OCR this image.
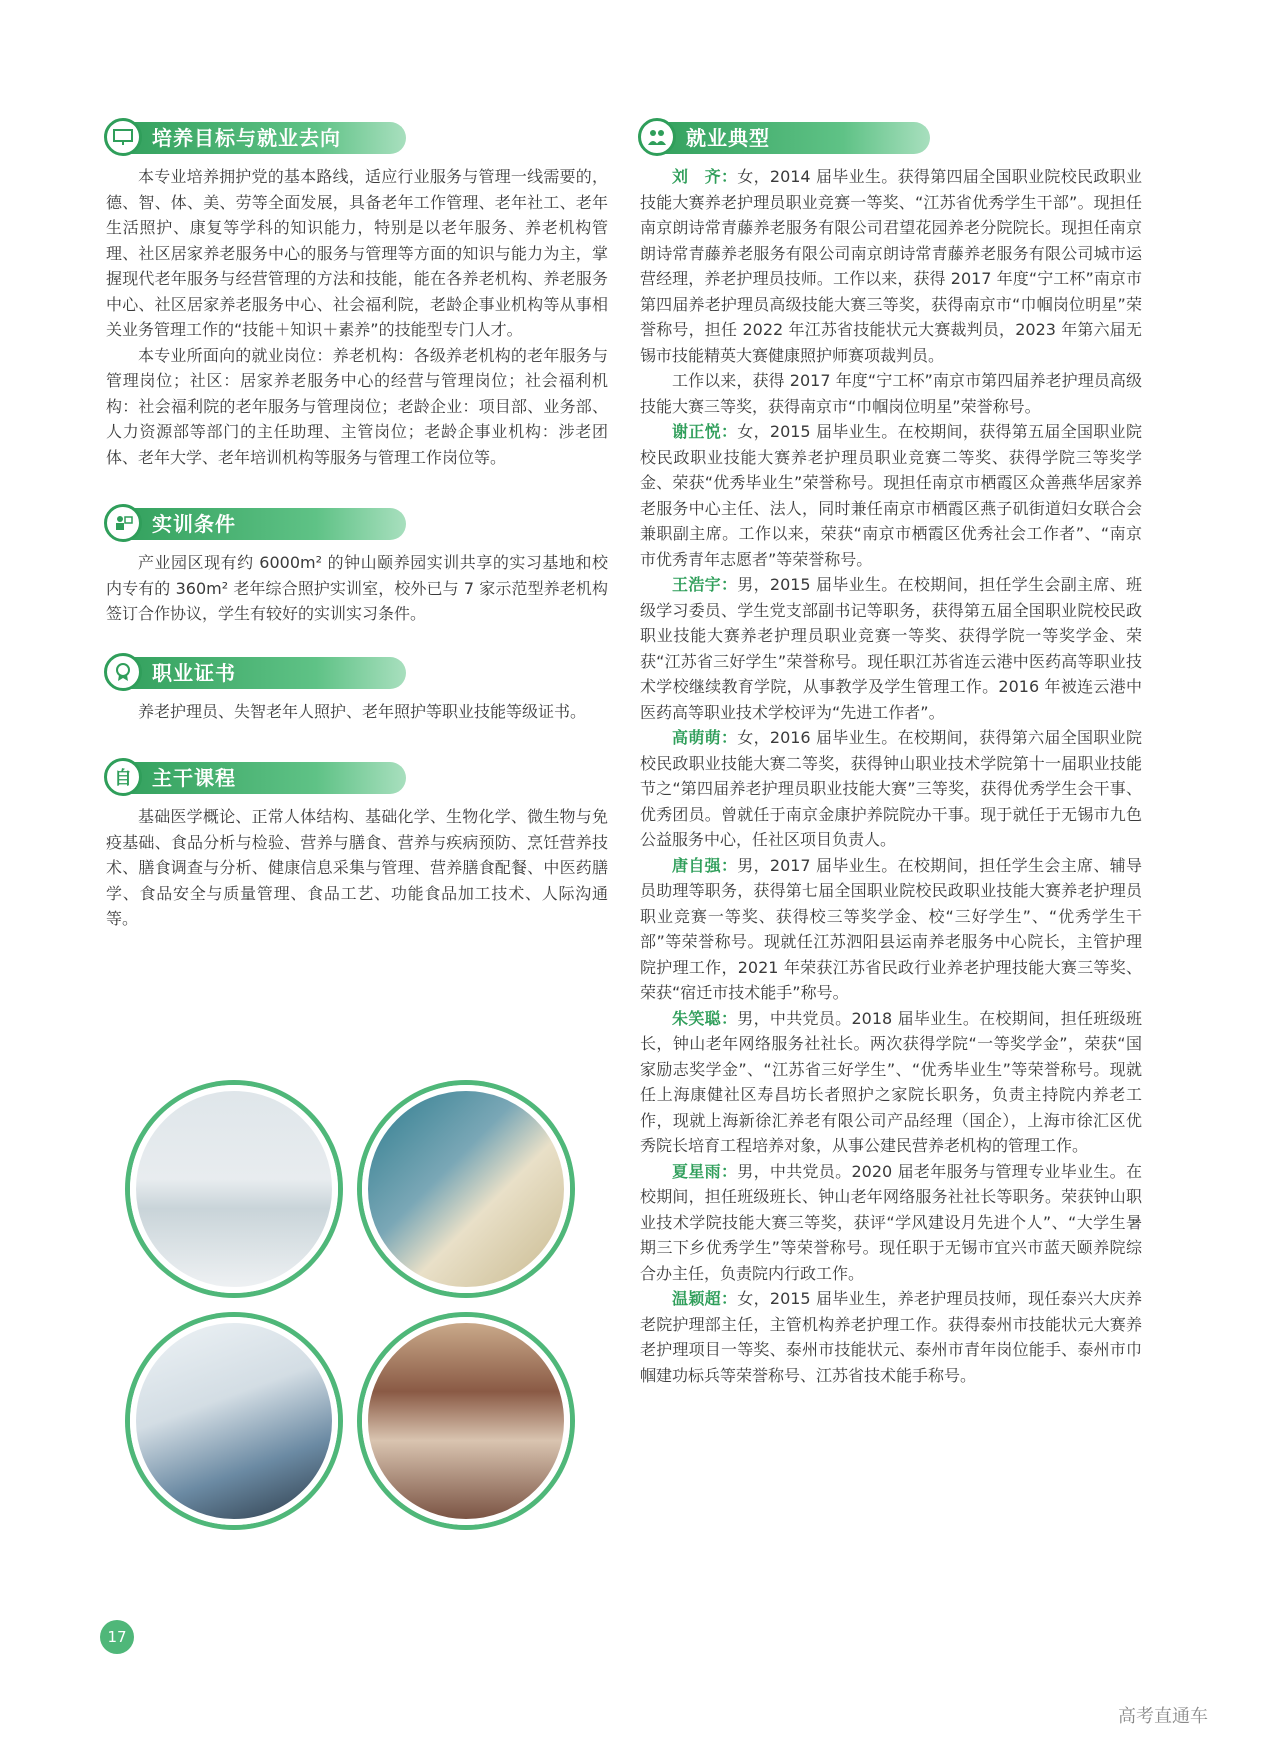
培养目标与就业去向

本专业培养拥护党的基本路线，适应行业服务与管理一线需要的，德、智、体、美、劳等全面发展，具备老年工作管理、老年社工、老年生活照护、康复等学科的知识能力，特别是以老年服务、养老机构管理、社区居家养老服务中心的服务与管理等方面的知识与能力为主，掌握现代老年服务与经营管理的方法和技能，能在各养老机构、养老服务中心、社区居家养老服务中心、社会福利院，老龄企事业机构等从事相关业务管理工作的“技能＋知识＋素养”的技能型专门人才。

本专业所面向的就业岗位：养老机构：各级养老机构的老年服务与管理岗位；社区：居家养老服务中心的经营与管理岗位；社会福利机构：社会福利院的老年服务与管理岗位；老龄企业：项目部、业务部、人力资源部等部门的主任助理、主管岗位；老龄企事业机构：涉老团体、老年大学、老年培训机构等服务与管理工作岗位等。

实训条件

产业园区现有约 6000m² 的钟山颐养园实训共享的实习基地和校内专有的 360m² 老年综合照护实训室，校外已与 7 家示范型养老机构签订合作协议，学生有较好的实训实习条件。

职业证书

养老护理员、失智老年人照护、老年照护等职业技能等级证书。

自	主干课程

基础医学概论、正常人体结构、基础化学、生物化学、微生物与免疫基础、食品分析与检验、营养与膳食、营养与疾病预防、烹饪营养技术、膳食调查与分析、健康信息采集与管理、营养膳食配餐、中医药膳学、食品安全与质量管理、食品工艺、功能食品加工技术、人际沟通等。

就业典型

刘　齐：女，2014 届毕业生。获得第四届全国职业院校民政职业技能大赛养老护理员职业竞赛一等奖、“江苏省优秀学生干部”。现担任南京朗诗常青藤养老服务有限公司君望花园养老分院院长。现担任南京朗诗常青藤养老服务有限公司南京朗诗常青藤养老服务有限公司城市运营经理，养老护理员技师。工作以来，获得 2017 年度“宁工杯”南京市第四届养老护理员高级技能大赛三等奖，获得南京市“巾帼岗位明星”荣誉称号，担任 2022 年江苏省技能状元大赛裁判员，2023 年第六届无锡市技能精英大赛健康照护师赛项裁判员。

工作以来，获得 2017 年度“宁工杯”南京市第四届养老护理员高级技能大赛三等奖，获得南京市“巾帼岗位明星”荣誉称号。

谢正悦：女，2015 届毕业生。在校期间，获得第五届全国职业院校民政职业技能大赛养老护理员职业竞赛二等奖、获得学院三等奖学金、荣获“优秀毕业生”荣誉称号。现担任南京市栖霞区众善燕华居家养老服务中心主任、法人，同时兼任南京市栖霞区燕子矶街道妇女联合会兼职副主席。工作以来，荣获“南京市栖霞区优秀社会工作者”、“南京市优秀青年志愿者”等荣誉称号。

王浩宇：男，2015 届毕业生。在校期间，担任学生会副主席、班级学习委员、学生党支部副书记等职务，获得第五届全国职业院校民政职业技能大赛养老护理员职业竞赛一等奖、获得学院一等奖学金、荣获“江苏省三好学生”荣誉称号。现任职江苏省连云港中医药高等职业技术学校继续教育学院，从事教学及学生管理工作。2016 年被连云港中医药高等职业技术学校评为“先进工作者”。

高萌萌：女，2016 届毕业生。在校期间，获得第六届全国职业院校民政职业技能大赛二等奖，获得钟山职业技术学院第十一届职业技能节之“第四届养老护理员职业技能大赛”三等奖，获得优秀学生会干事、优秀团员。曾就任于南京金康护养院院办干事。现于就任于无锡市九色公益服务中心，任社区项目负责人。

唐自强：男，2017 届毕业生。在校期间，担任学生会主席、辅导员助理等职务，获得第七届全国职业院校民政职业技能大赛养老护理员职业竞赛一等奖、获得校三等奖学金、校“三好学生”、“优秀学生干部”等荣誉称号。现就任江苏泗阳县运南养老服务中心院长，主管护理院护理工作，2021 年荣获江苏省民政行业养老护理技能大赛三等奖、荣获“宿迁市技术能手”称号。

朱笑聪：男，中共党员。2018 届毕业生。在校期间，担任班级班长，钟山老年网络服务社社长。两次获得学院“一等奖学金”，荣获“国家励志奖学金”、“江苏省三好学生”、“优秀毕业生”等荣誉称号。现就任上海康健社区寿昌坊长者照护之家院长职务，负责主持院内养老工作，现就上海新徐汇养老有限公司产品经理（国企），上海市徐汇区优秀院长培育工程培养对象，从事公建民营养老机构的管理工作。

夏星雨：男，中共党员。2020 届老年服务与管理专业毕业生。在校期间，担任班级班长、钟山老年网络服务社社长等职务。荣获钟山职业技术学院技能大赛三等奖，获评“学风建设月先进个人”、“大学生暑期三下乡优秀学生”等荣誉称号。现任职于无锡市宜兴市蓝天颐养院综合办主任，负责院内行政工作。

温颖超：女，2015 届毕业生，养老护理员技师，现任泰兴大庆养老院护理部主任，主管机构养老护理工作。获得泰州市技能状元大赛养老护理项目一等奖、泰州市技能状元、泰州市青年岗位能手、泰州市巾帼建功标兵等荣誉称号、江苏省技术能手称号。

17
高考直通车
